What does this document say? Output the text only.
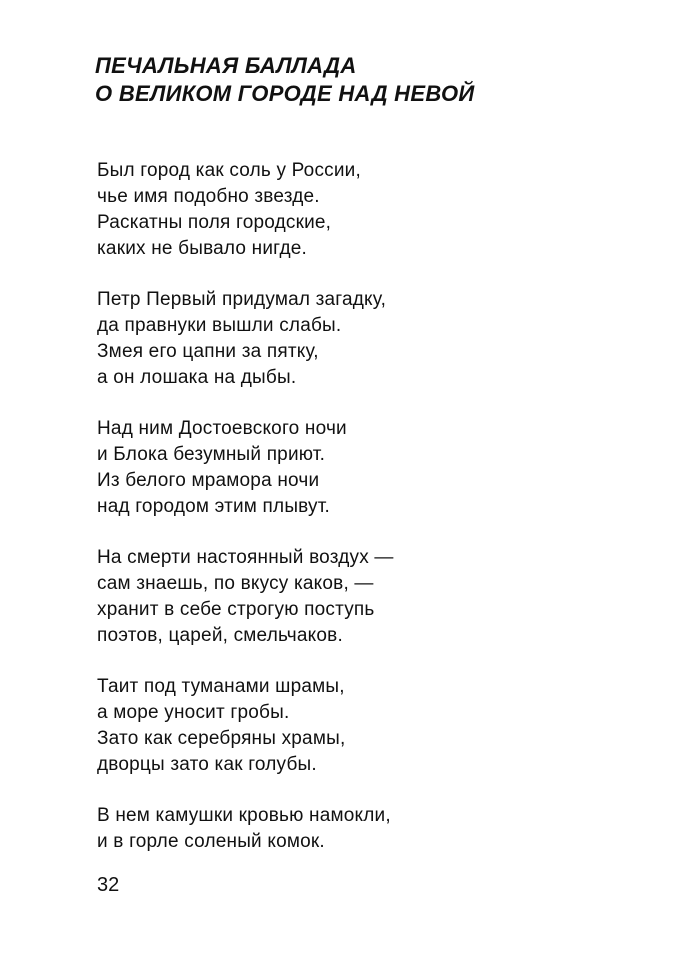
ПЕЧАЛЬНАЯ БАЛЛАДА
О ВЕЛИКОМ ГОРОДЕ НАД НЕВОЙ
Был город как соль у России,
чье имя подобно звезде.
Раскатны поля городские,
каких не бывало нигде.
Петр Первый придумал загадку,
да правнуки вышли слабы.
Змея его цапни за пятку,
а он лошака на дыбы.
Над ним Достоевского ночи
и Блока безумный приют.
Из белого мрамора ночи
над городом этим плывут.
На смерти настоянный воздух —
сам знаешь, по вкусу каков, —
хранит в себе строгую поступь
поэтов, царей, смельчаков.
Таит под туманами шрамы,
а море уносит гробы.
Зато как серебряны храмы,
дворцы зато как голубы.
В нем камушки кровью намокли,
и в горле соленый комок.
32
